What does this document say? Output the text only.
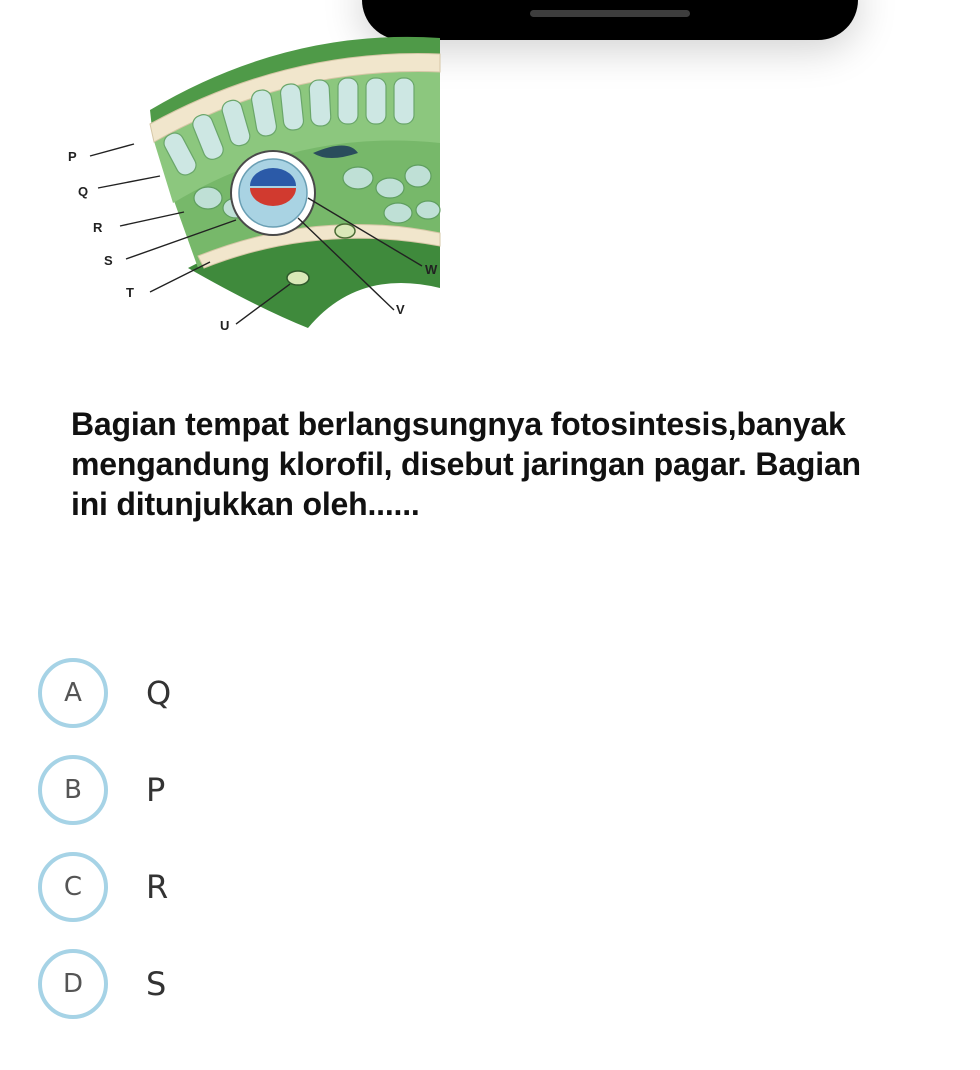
P
Q
R
S
T
U
V
W

Bagian tempat berlangsungnya fotosintesis,banyak mengandung klorofil, disebut jaringan pagar. Bagian ini ditunjukkan oleh......

A	Q
B	P
C	R
D	S
